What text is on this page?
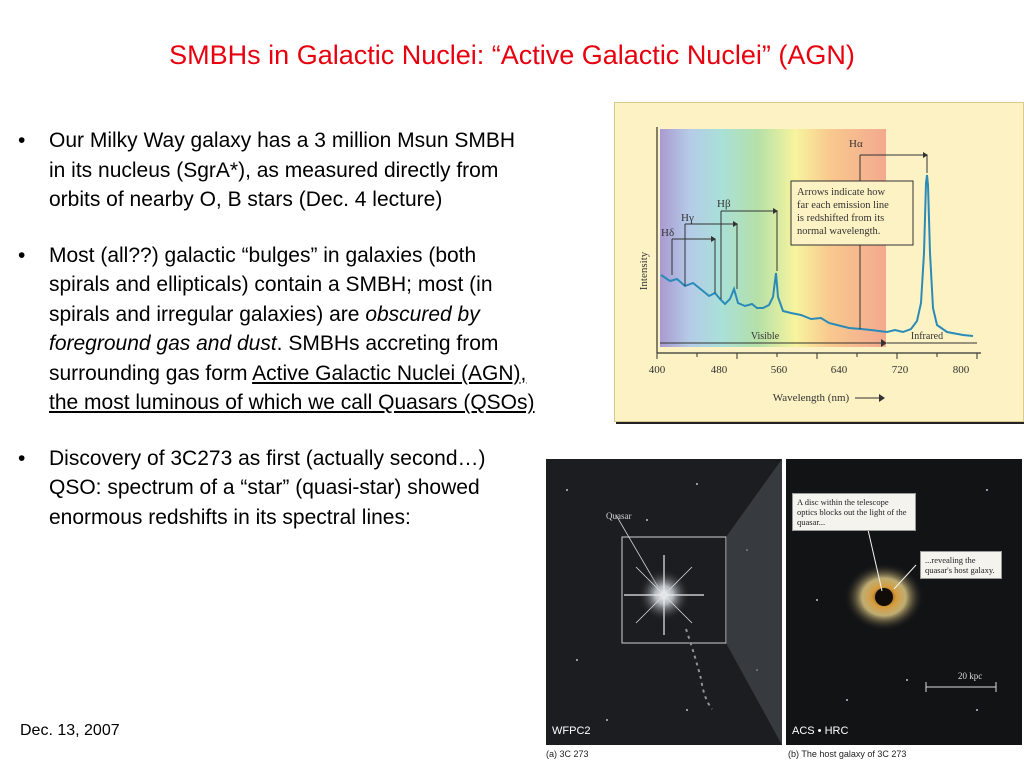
SMBHs in Galactic Nuclei: “Active Galactic Nuclei” (AGN)
• Our Milky Way galaxy has a 3 million Msun SMBH in its nucleus (SgrA*), as measured directly from orbits of nearby O, B stars (Dec. 4 lecture)
• Most (all??) galactic “bulges” in galaxies (both spirals and ellipticals) contain a SMBH; most (in spirals and irregular galaxies) are obscured by foreground gas and dust. SMBHs accreting from surrounding gas form Active Galactic Nuclei (AGN), the most luminous of which we call Quasars (QSOs)
• Discovery of 3C273 as first (actually second…) QSO: spectrum of a “star” (quasi-star) showed enormous redshifts in its spectral lines:
Dec. 13, 2007
400	480	560	640	720	800
Wavelength (nm)
Intensity
Visible	Infrared
Hδ
Hγ
Hβ
Hα
Arrows indicate how
far each emission line
is redshifted from its
normal wavelength.
Quasar
WFPC2
A disc within the telescope optics blocks out the light of the quasar...
...revealing the quasar's host galaxy.
20 kpc
ACS • HRC
(a) 3C 273	(b) The host galaxy of 3C 273
